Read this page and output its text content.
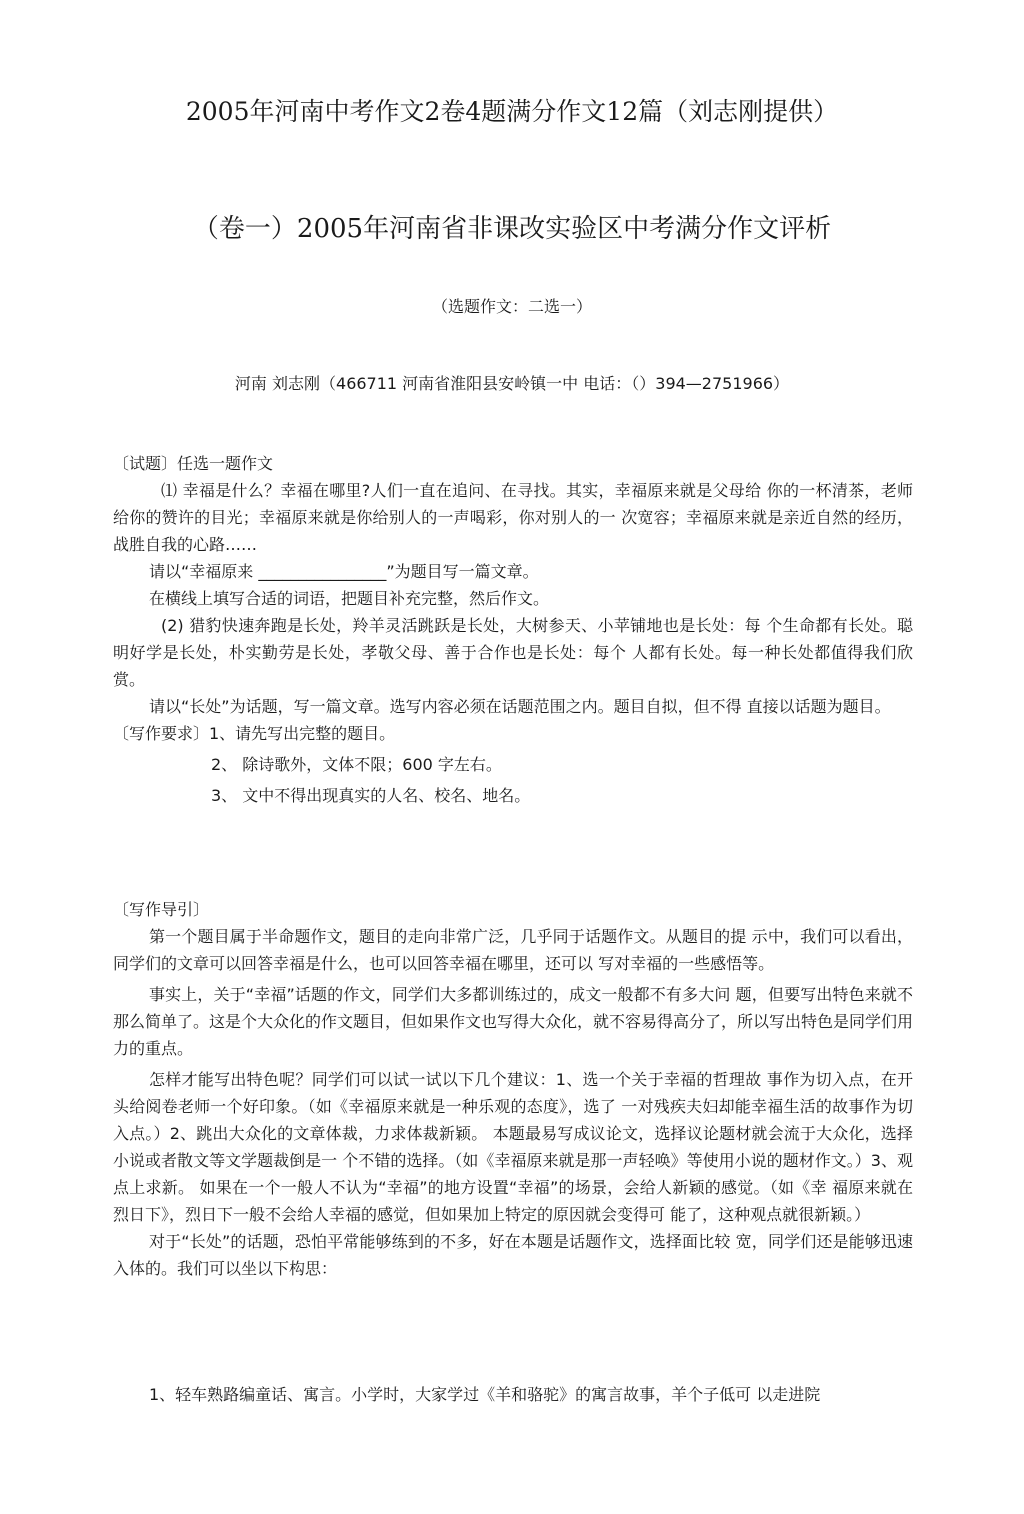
2005年河南中考作文2卷4题满分作文12篇（刘志刚提供）
（卷一）2005年河南省非课改实验区中考满分作文评析
（选题作文：二选一）
河南 刘志刚（466711 河南省淮阳县安岭镇一中 电话：（）394—2751966）

〔试题〕任选一题作文

⑴ 幸福是什么？幸福在哪里?人们一直在追问、在寻找。其实，幸福原来就是父母给 你的一杯清茶，老师给你的赞许的目光；幸福原来就是你给别人的一声喝彩，你对别人的一 次宽容；幸福原来就是亲近自然的经历，战胜自我的心路……

请以“幸福原来 ________________”为题目写一篇文章。

在横线上填写合适的词语，把题目补充完整，然后作文。

(2) 猎豹快速奔跑是长处，羚羊灵活跳跃是长处，大树参天、小苹铺地也是长处：每 个生命都有长处。聪明好学是长处，朴实勤劳是长处，孝敬父母、善于合作也是长处：每个 人都有长处。每一种长处都值得我们欣赏。

请以“长处”为话题，写一篇文章。选写内容必须在话题范围之内。题目自拟，但不得 直接以话题为题目。

〔写作要求〕1、请先写出完整的题目。

2、 除诗歌外，文体不限；600 字左右。

3、 文中不得出现真实的人名、校名、地名。

〔写作导引〕

第一个题目属于半命题作文，题目的走向非常广泛，几乎同于话题作文。从题目的提 示中，我们可以看出，同学们的文章可以回答幸福是什么，也可以回答幸福在哪里，还可以 写对幸福的一些感悟等。

事实上，关于“幸福”话题的作文，同学们大多都训练过的，成文一般都不有多大问 题，但要写出特色来就不那么简单了。这是个大众化的作文题目，但如果作文也写得大众化，就不容易得高分了，所以写出特色是同学们用力的重点。

怎样才能写出特色呢？同学们可以试一试以下几个建议：1、选一个关于幸福的哲理故 事作为切入点，在开头给阅卷老师一个好印象。（如《幸福原来就是一种乐观的态度》，选了 一对残疾夫妇却能幸福生活的故事作为切入点。）2、跳出大众化的文章体裁，力求体裁新颖。 本题最易写成议论文，选择议论题材就会流于大众化，选择小说或者散文等文学题裁倒是一 个不错的选择。（如《幸福原来就是那一声轻唤》等使用小说的题材作文。）3、观点上求新。 如果在一个一般人不认为“幸福”的地方设置“幸福”的场景，会给人新颖的感觉。（如《幸 福原来就在烈日下》，烈日下一般不会给人幸福的感觉，但如果加上特定的原因就会变得可 能了，这种观点就很新颖。）

对于“长处”的话题，恐怕平常能够练到的不多，好在本题是话题作文，选择面比较 宽，同学们还是能够迅速入体的。我们可以坐以下构思：

1、轻车熟路编童话、寓言。小学时，大家学过《羊和骆驼》的寓言故事，羊个子低可 以走进院
